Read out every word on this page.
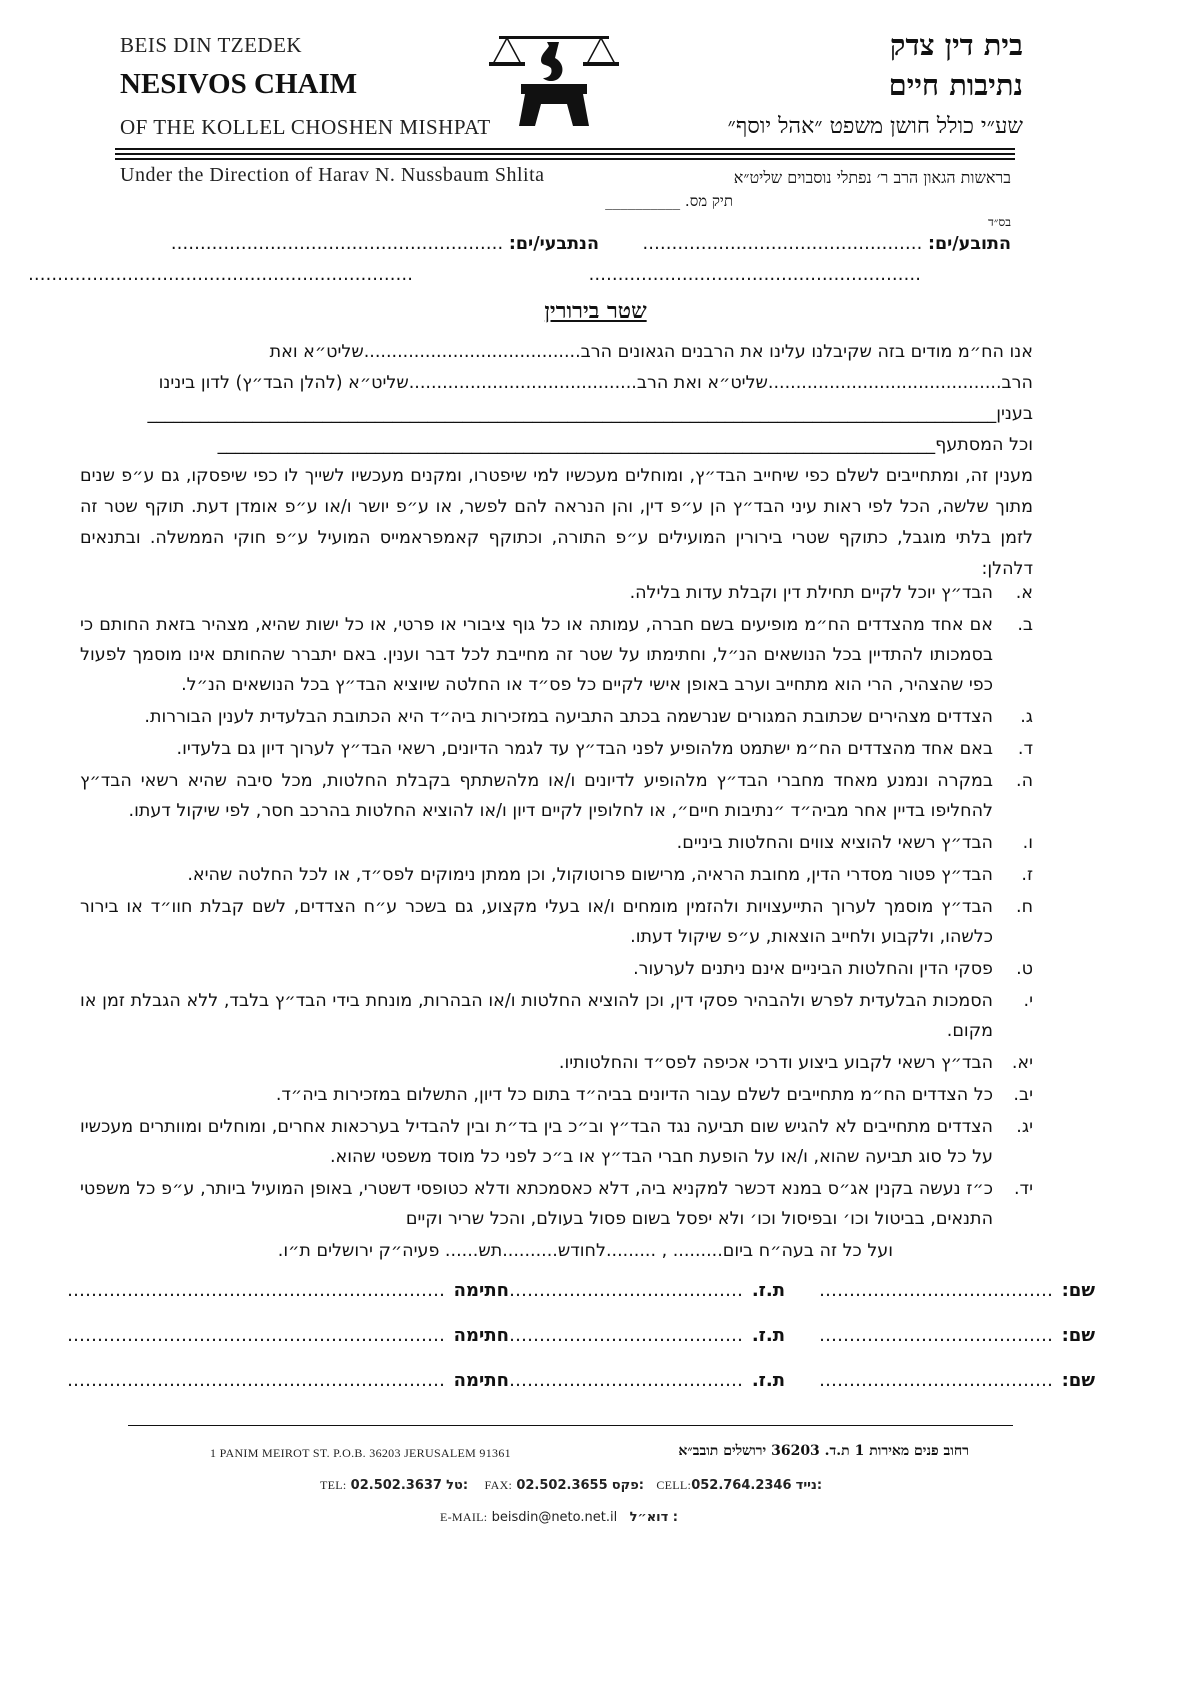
BEIS DIN TZEDEK
NESIVOS CHAIM
OF THE KOLLEL CHOSHEN MISHPAT
בית דין צדק
נתיבות חיים
שע״י כולל חושן משפט ״אהל יוסף״
Under the Direction of Harav N. Nussbaum Shlita	בראשות הגאון הרב ר׳ נפתלי נוסבוים שליט״א
תיק מס. __________
בס״ד
התובע/ים: …………………………………………
הנתבעי/ים: …………………………………………………
…………………………………………………
…………………………………………………………
שטר בירורין
אנו הח״מ מודים בזה שקיבלנו עלינו את הרבנים הגאונים הרב.......................................שליט״א ואת
הרב..........................................שליט״א ואת הרב.........................................שליט״א (להלן הבד״ץ) לדון בינינו
בענין_________________________________________________________________________________________________
וכל המסתעף__________________________________________________________________________________
מענין זה, ומתחייבים לשלם כפי שיחייב הבד״ץ, ומוחלים מעכשיו למי שיפטרו, ומקנים מעכשיו לשייך לו כפי שיפסקו, גם ע״פ שנים מתוך שלשה, הכל לפי ראות עיני הבד״ץ הן ע״פ דין, והן הנראה להם לפשר, או ע״פ יושר ו/או ע״פ אומדן דעת. תוקף שטר זה לזמן בלתי מוגבל, כתוקף שטרי בירורין המועילים ע״פ התורה, וכתוקף קאמפראמייס המועיל ע״פ חוקי הממשלה. ובתנאים דלהלן:
א.
הבד״ץ יוכל לקיים תחילת דין וקבלת עדות בלילה.
ב.
אם אחד מהצדדים הח״מ מופיעים בשם חברה, עמותה או כל גוף ציבורי או פרטי, או כל ישות שהיא, מצהיר בזאת החותם כי בסמכותו להתדיין בכל הנושאים הנ״ל, וחתימתו על שטר זה מחייבת לכל דבר וענין. באם יתברר שהחותם אינו מוסמך לפעול כפי שהצהיר, הרי הוא מתחייב וערב באופן אישי לקיים כל פס״ד או החלטה שיוציא הבד״ץ בכל הנושאים הנ״ל.
ג.
הצדדים מצהירים שכתובת המגורים שנרשמה בכתב התביעה במזכירות ביה״ד היא הכתובת הבלעדית לענין הבוררות.
ד.
באם אחד מהצדדים הח״מ ישתמט מלהופיע לפני הבד״ץ עד לגמר הדיונים, רשאי הבד״ץ לערוך דיון גם בלעדיו.
ה.
במקרה ונמנע מאחד מחברי הבד״ץ מלהופיע לדיונים ו/או מלהשתתף בקבלת החלטות, מכל סיבה שהיא רשאי הבד״ץ להחליפו בדיין אחר מביה״ד ״נתיבות חיים״, או לחלופין לקיים דיון ו/או להוציא החלטות בהרכב חסר, לפי שיקול דעתו.
ו.
הבד״ץ רשאי להוציא צווים והחלטות ביניים.
ז.
הבד״ץ פטור מסדרי הדין, מחובת הראיה, מרישום פרוטוקול, וכן ממתן נימוקים לפס״ד, או לכל החלטה שהיא.
ח.
הבד״ץ מוסמך לערוך התייעצויות ולהזמין מומחים ו/או בעלי מקצוע, גם בשכר ע״ח הצדדים, לשם קבלת חוו״ד או בירור כלשהו, ולקבוע ולחייב הוצאות, ע״פ שיקול דעתו.
ט.
פסקי הדין והחלטות הביניים אינם ניתנים לערעור.
י.
הסמכות הבלעדית לפרש ולהבהיר פסקי דין, וכן להוציא החלטות ו/או הבהרות, מונחת בידי הבד״ץ בלבד, ללא הגבלת זמן או מקום.
יא.
הבד״ץ רשאי לקבוע ביצוע ודרכי אכיפה לפס״ד והחלטותיו.
יב.
כל הצדדים הח״מ מתחייבים לשלם עבור הדיונים בביה״ד בתום כל דיון, התשלום במזכירות ביה״ד.
יג.
הצדדים מתחייבים לא להגיש שום תביעה נגד הבד״ץ וב״כ בין בד״ת ובין להבדיל בערכאות אחרים, ומוחלים ומוותרים מעכשיו על כל סוג תביעה שהוא, ו/או על הופעת חברי הבד״ץ או ב״כ לפני כל מוסד משפטי שהוא.
יד.
כ״ז נעשה בקנין אג״ס במנא דכשר למקניא ביה, דלא כאסמכתא ודלא כטופסי דשטרי, באופן המועיל ביותר, ע״פ כל משפטי התנאים, בביטול וכו׳ ובפיסול וכו׳ ולא יפסל בשום פסול בעולם, והכל שריר וקיים
ועל כל זה בעה״ח ביום......... , .........לחודש..........תש...... פעיה״ק ירושלים ת״ו.
שם:
…………………………………
ת.ז.
…………………………………
חתימה
………………………………………………………
שם:
…………………………………
ת.ז.
…………………………………
חתימה
………………………………………………………
שם:
…………………………………
ת.ז.
…………………………………
חתימה
………………………………………………………
1 PANIM MEIROT ST. P.O.B. 36203 JERUSALEM 91361	רחוב פנים מאירות 1 ת.ד. 36203 ירושלים תובב״א
TEL: 02.502.3637 טל: FAX: 02.502.3655 פקס: CELL:052.764.2346 נייד:
E-MAIL: beisdin@neto.net.il דוא״ל :
